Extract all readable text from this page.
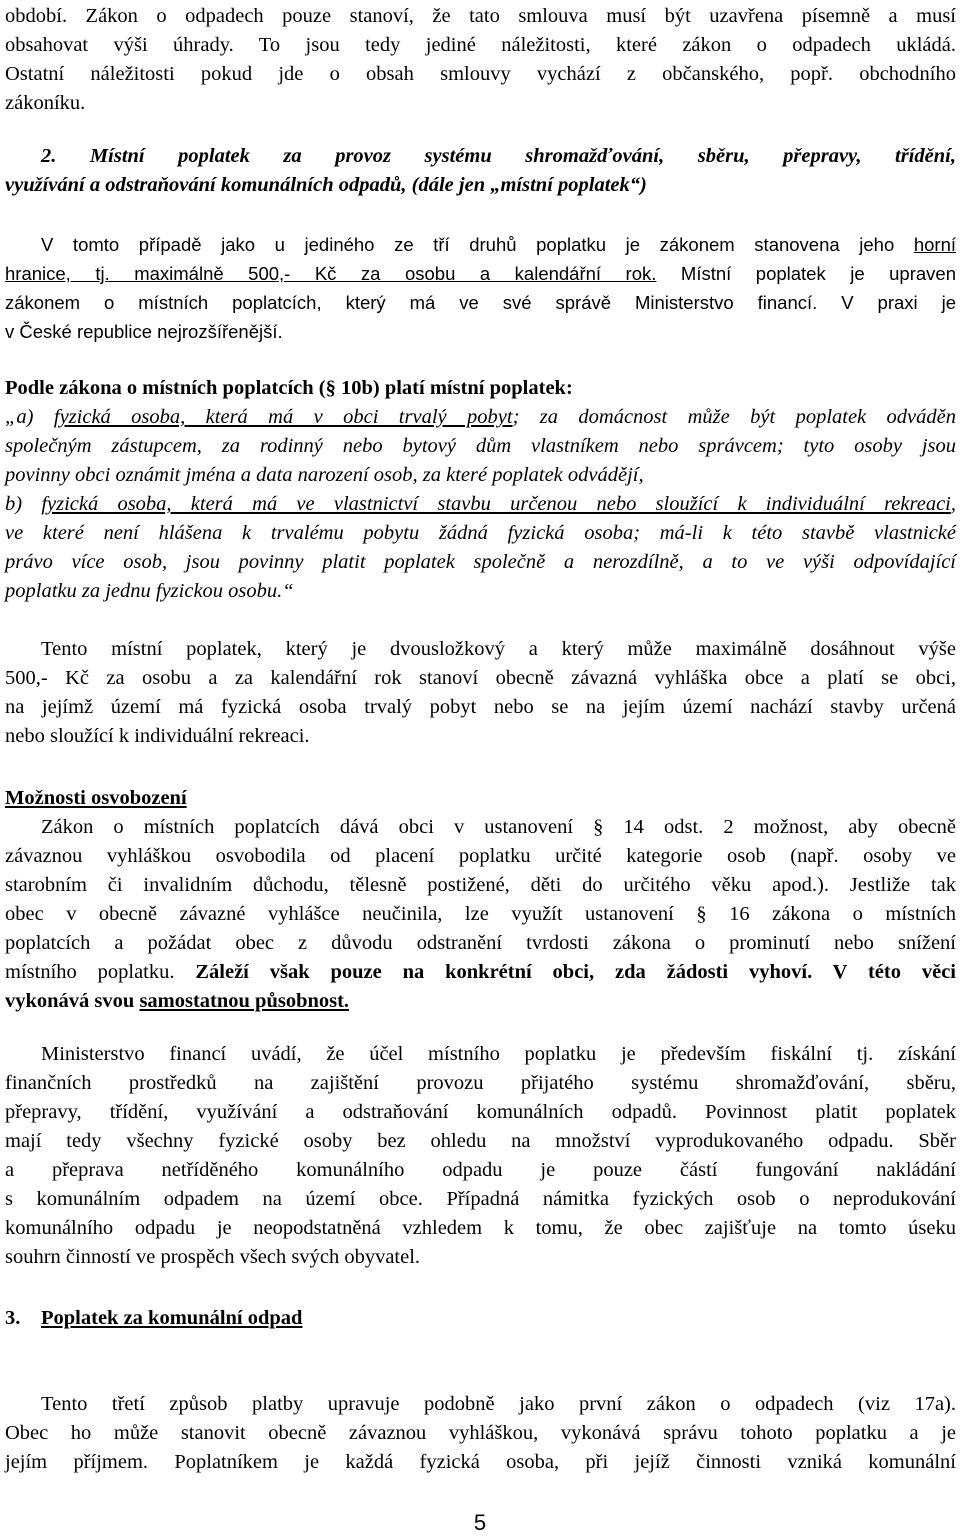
období. Zákon o odpadech pouze stanoví, že tato smlouva musí být uzavřena písemně a musí
obsahovat výši úhrady. To jsou tedy jediné náležitosti, které zákon o odpadech ukládá.
Ostatní náležitosti pokud jde o obsah smlouvy vychází z občanského, popř. obchodního
zákoníku.
2. Místní poplatek za provoz systému shromažďování, sběru, přepravy, třídění,
využívání a odstraňování komunálních odpadů, (dále jen „místní poplatek“)
V tomto případě jako u jediného ze tří druhů poplatku je zákonem stanovena jeho horní
hranice, tj. maximálně 500,- Kč za osobu a kalendářní rok. Místní poplatek je upraven
zákonem o místních poplatcích, který má ve své správě Ministerstvo financí. V praxi je
v České republice nejrozšířenější.
Podle zákona o místních poplatcích (§ 10b) platí místní poplatek:
„a) fyzická osoba, která má v obci trvalý pobyt; za domácnost může být poplatek odváděn
společným zástupcem, za rodinný nebo bytový dům vlastníkem nebo správcem; tyto osoby jsou
povinny obci oznámit jména a data narození osob, za které poplatek odvádějí,
b) fyzická osoba, která má ve vlastnictví stavbu určenou nebo sloužící k individuální rekreaci,
ve které není hlášena k trvalému pobytu žádná fyzická osoba; má-li k této stavbě vlastnické
právo více osob, jsou povinny platit poplatek společně a nerozdílně, a to ve výši odpovídající
poplatku za jednu fyzickou osobu.“
Tento místní poplatek, který je dvousložkový a který může maximálně dosáhnout výše
500,- Kč za osobu a za kalendářní rok stanoví obecně závazná vyhláška obce a platí se obci,
na jejímž území má fyzická osoba trvalý pobyt nebo se na jejím území nachází stavby určená
nebo sloužící k individuální rekreaci.
Možnosti osvobození
Zákon o místních poplatcích dává obci v ustanovení § 14 odst. 2 možnost, aby obecně
závaznou vyhláškou osvobodila od placení poplatku určité kategorie osob (např. osoby ve
starobním či invalidním důchodu, tělesně postižené, děti do určitého věku apod.). Jestliže tak
obec v obecně závazné vyhlášce neučinila, lze využít ustanovení § 16 zákona o místních
poplatcích a požádat obec z důvodu odstranění tvrdosti zákona o prominutí nebo snížení
místního poplatku. Záleží však pouze na konkrétní obci, zda žádosti vyhoví. V této věci
vykonává svou samostatnou působnost.
Ministerstvo financí uvádí, že účel místního poplatku je především fiskální tj. získání
finančních prostředků na zajištění provozu přijatého systému shromažďování, sběru,
přepravy, třídění, využívání a odstraňování komunálních odpadů. Povinnost platit poplatek
mají tedy všechny fyzické osoby bez ohledu na množství vyprodukovaného odpadu. Sběr
a přeprava netříděného komunálního odpadu je pouze částí fungování nakládání
s komunálním odpadem na území obce. Případná námitka fyzických osob o neprodukování
komunálního odpadu je neopodstatněná vzhledem k tomu, že obec zajišťuje na tomto úseku
souhrn činností ve prospěch všech svých obyvatel.
3. Poplatek za komunální odpad
Tento třetí způsob platby upravuje podobně jako první zákon o odpadech (viz 17a).
Obec ho může stanovit obecně závaznou vyhláškou, vykonává správu tohoto poplatku a je
jejím příjmem. Poplatníkem je každá fyzická osoba, při jejíž činnosti vzniká komunální
5
